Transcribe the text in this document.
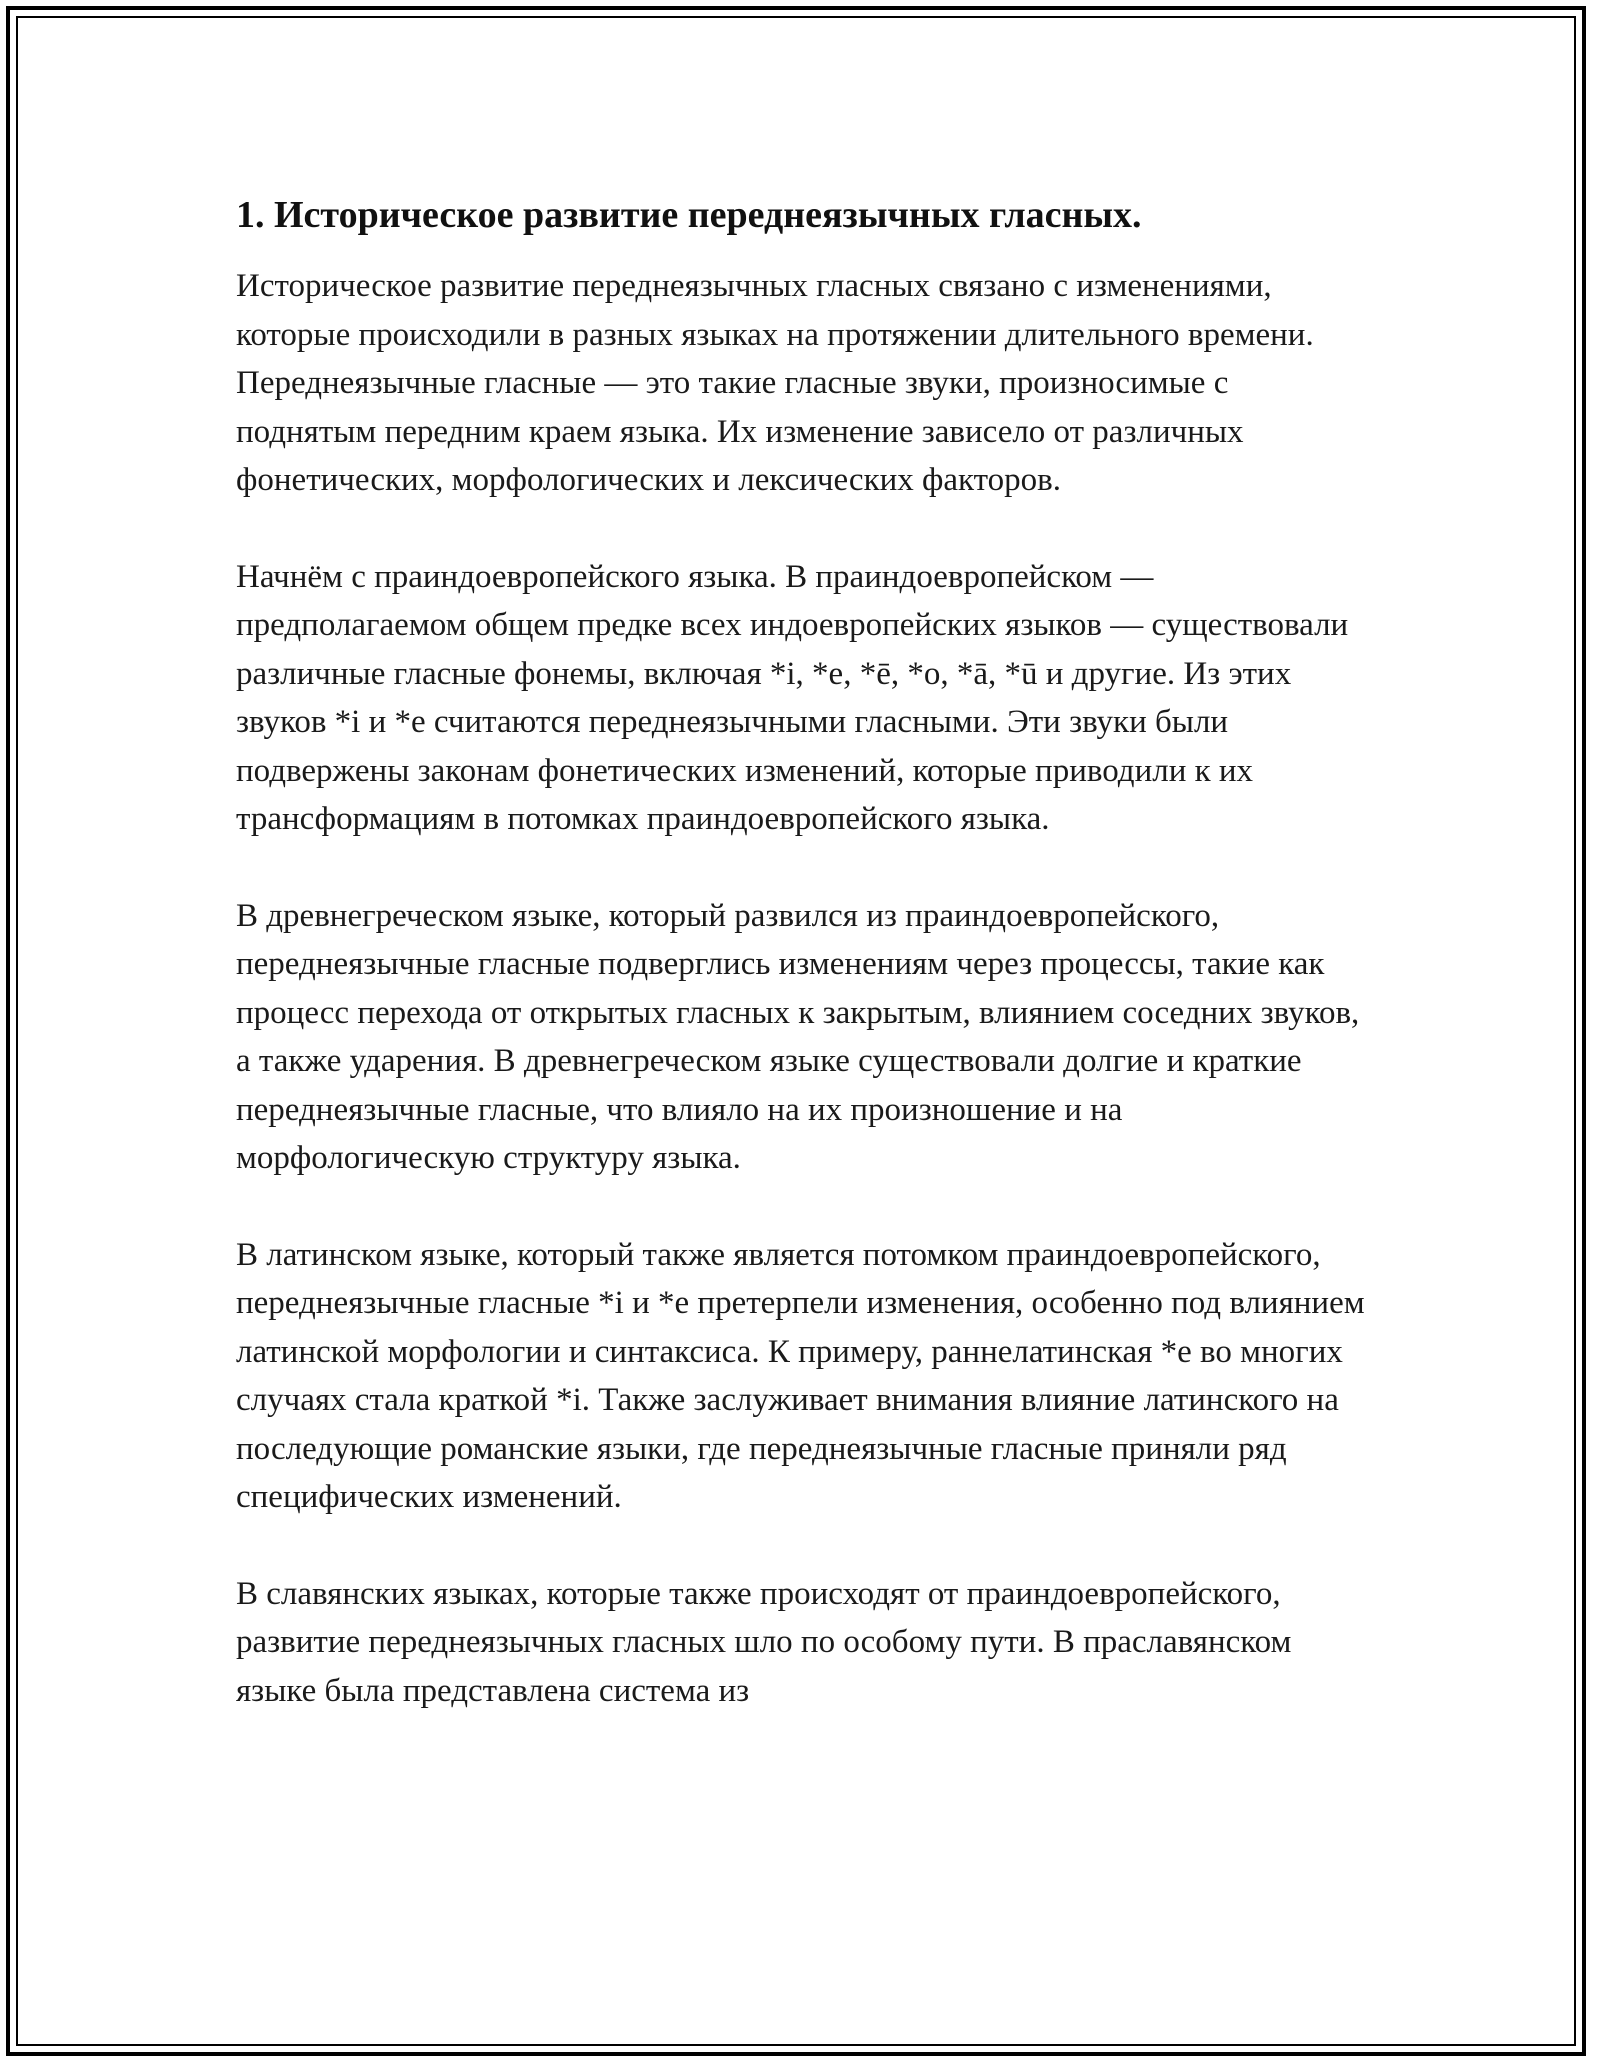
1. Историческое развитие переднеязычных гласных.

Историческое развитие переднеязычных гласных связано с изменениями, которые происходили в разных языках на протяжении длительного времени. Переднеязычные гласные — это такие гласные звуки, произносимые с поднятым передним краем языка. Их изменение зависело от различных фонетических, морфологических и лексических факторов.

Начнём с праиндоевропейского языка. В праиндоевропейском — предполагаемом общем предке всех индоевропейских языков — существовали различные гласные фонемы, включая *i, *e, *ē, *o, *ā, *ū и другие. Из этих звуков *i и *e считаются переднеязычными гласными. Эти звуки были подвержены законам фонетических изменений, которые приводили к их трансформациям в потомках праиндоевропейского языка.

В древнегреческом языке, который развился из праиндоевропейского, переднеязычные гласные подверглись изменениям через процессы, такие как процесс перехода от открытых гласных к закрытым, влиянием соседних звуков, а также ударения. В древнегреческом языке существовали долгие и краткие переднеязычные гласные, что влияло на их произношение и на морфологическую структуру языка.

В латинском языке, который также является потомком праиндоевропейского, переднеязычные гласные *i и *e претерпели изменения, особенно под влиянием латинской морфологии и синтаксиса. К примеру, раннелатинская *e во многих случаях стала краткой *i. Также заслуживает внимания влияние латинского на последующие романские языки, где переднеязычные гласные приняли ряд специфических изменений.

В славянских языках, которые также происходят от праиндоевропейского, развитие переднеязычных гласных шло по особому пути. В праславянском языке была представлена система из
